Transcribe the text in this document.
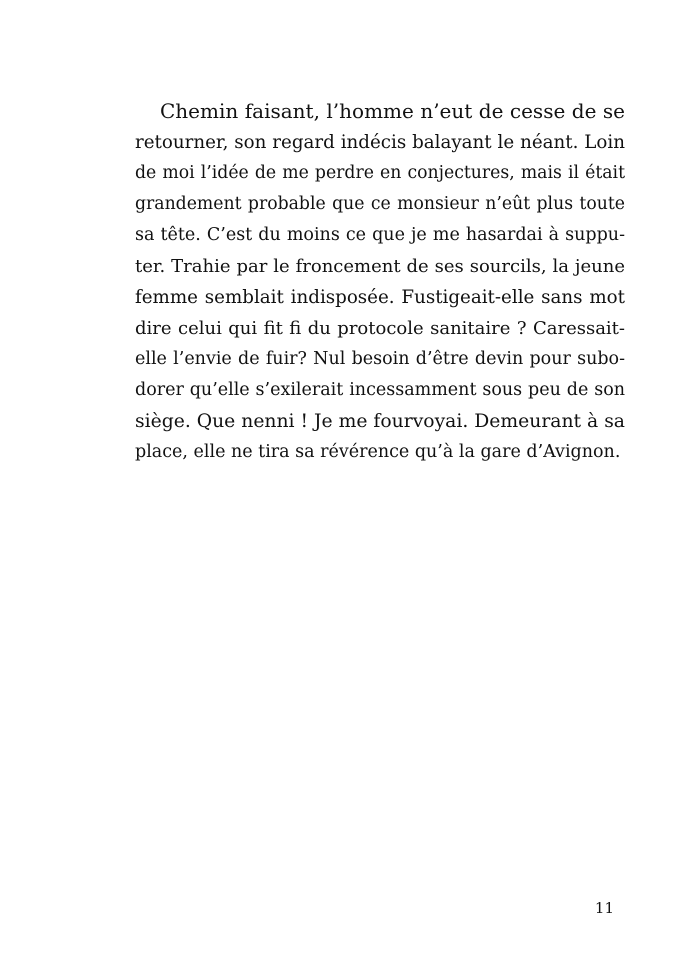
Chemin faisant, l’homme n’eut de cesse de se
retourner, son regard indécis balayant le néant. Loin
de moi l’idée de me perdre en conjectures, mais il était
grandement probable que ce monsieur n’eût plus toute
sa tête. C’est du moins ce que je me hasardai à suppu-
ter. Trahie par le froncement de ses sourcils, la jeune
femme semblait indisposée. Fustigeait-elle sans mot
dire celui qui fit fi du protocole sanitaire ? Caressait-
elle l’envie de fuir? Nul besoin d’être devin pour subo-
dorer qu’elle s’exilerait incessamment sous peu de son
siège. Que nenni ! Je me fourvoyai. Demeurant à sa
place, elle ne tira sa révérence qu’à la gare d’Avignon.
11
